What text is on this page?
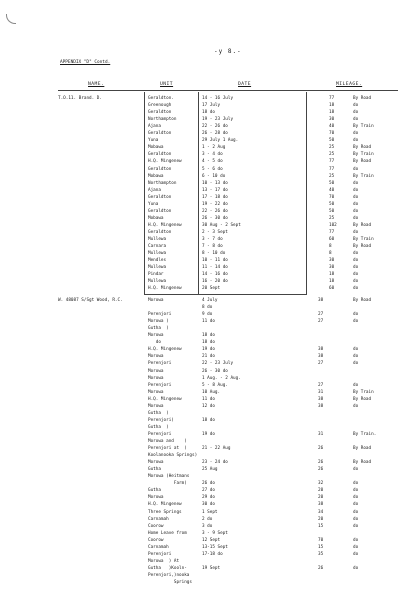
-y 8.-
APPENDIX "D" Contd.
NAME.	UNIT	DATE	MILEAGE.
T.O.11. Brand. D.	Geraldton.	14 - 16 July	77	By Road
Greenough	17 July	18	do
Geraldton	18 do	18	do
Northampton	19 - 23 July	30	do
Ajana	22 - 26 do	40	By Train
Geraldton	26 - 28 do	70	do
Yuna	29 July 1 Aug.	50	do
Mobawa	1 - 2 Aug	25	By Road
Geraldton	3 - 4 do	25	By Train
H.Q. Mingenew	4 - 5 do	77	By Road
Geraldton	5 - 6 do	77	do
Mobawa	6 - 10 do	25	By Train
Northampton	10 - 13 do	50	do
Ajana	13 - 17 do	40	do
Geraldton	17 - 18 do	70	do
Yuna	19 - 22 do	50	do
Geraldton	22 - 26 do	50	do
Mobawa	26 - 30 do	25	do
H.Q. Mingenew	30 Aug - 2 Sept	102	By Road
Geraldton	2 - 3 Sept	77	do
Mullewa	3 - 7 do	60	By Train
Carnara	7 - 8 do	8	By Road
Mullewa	8 - 10 do	8	do
Mendles	10 - 11 do	30	do
Mullewa	11 - 14 do	30	do
Pindar	14 - 16 do	18	do
Mullewa	16 - 20 do	18	do
H.Q. Mingenew	20 Sept	60	do
W. 48087 S/Sgt Wood, R.C.	Morowa	4 July	38	By Road
8 do
Perenjori	9 do	27	do
Morowa )	11 do	27	do
Gutha  )
Morowa	18 do
do	18 do
H.Q. Mingenew	19 do	38	do
Morowa	21 do	38	do
Perenjori	22 - 23 July	27	do
Morowa	26 - 30 do
Morowa	1 Aug. - 2 Aug.
Perenjori	5 - 8 Aug.	27	do
Morowa	10 Aug.	31	By Train
H.Q. Mingenew	11 do	38	By Road
Morowa	12 do	38	do
Gutha  )
Perenjori)	18 do
Gutha  )
Perenjori	19 do	31	By Train.
Morowa and    )
Perenjori at  )	21 - 22 Aug	26	By Road
Koolanooka Springs)
Morowa	23 - 24 do	26	By Road
Gutha	25 Aug	26	do
Morowa (Heitmans
Farm)	26 do	32	do
Gutha	27 do	20	do
Morowa	29 do	20	do
H.Q. Mingenew	30 do	38	do
Three Springs	1 Sept	34	do
Carnamah	2 do	20	do
Coorow	3 do	15	do
Home Leave from	3 - 9 Sept
Coorow	12 Sept	70	do
Carnamah	13-15 Sept	15	do
Perenjori	17-18 do	35	do
Morowa  ) At
Gutha   )Kooln-	19 Sept	26	do
Perenjori,)nooka
Springs
